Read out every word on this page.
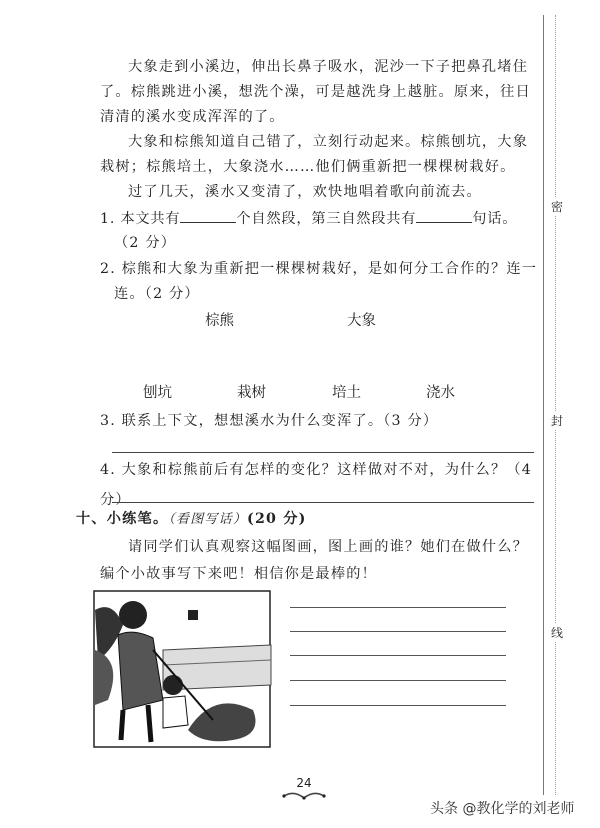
大象走到小溪边，伸出长鼻子吸水，泥沙一下子把鼻孔堵住了。棕熊跳进小溪，想洗个澡，可是越洗身上越脏。原来，往日清清的溪水变成浑浑的了。
大象和棕熊知道自己错了，立刻行动起来。棕熊刨坑，大象栽树；棕熊培土，大象浇水……他们俩重新把一棵棵树栽好。
过了几天，溪水又变清了，欢快地唱着歌向前流去。
1. 本文共有	个自然段，第三自然段共有	句话。
（2 分）
2. 棕熊和大象为重新把一棵棵树栽好，是如何分工合作的？连一连。（2 分）
棕熊	大象
刨坑	栽树	培土	浇水
3. 联系上下文，想想溪水为什么变浑了。（3 分）
4. 大象和棕熊前后有怎样的变化？这样做对不对，为什么？（4 分）
十、小练笔。（看图写话）(20 分)
请同学们认真观察这幅图画，图上画的谁？她们在做什么？编个小故事写下来吧！相信你是最棒的！
密
封
线
24
头条 @教化学的刘老师
